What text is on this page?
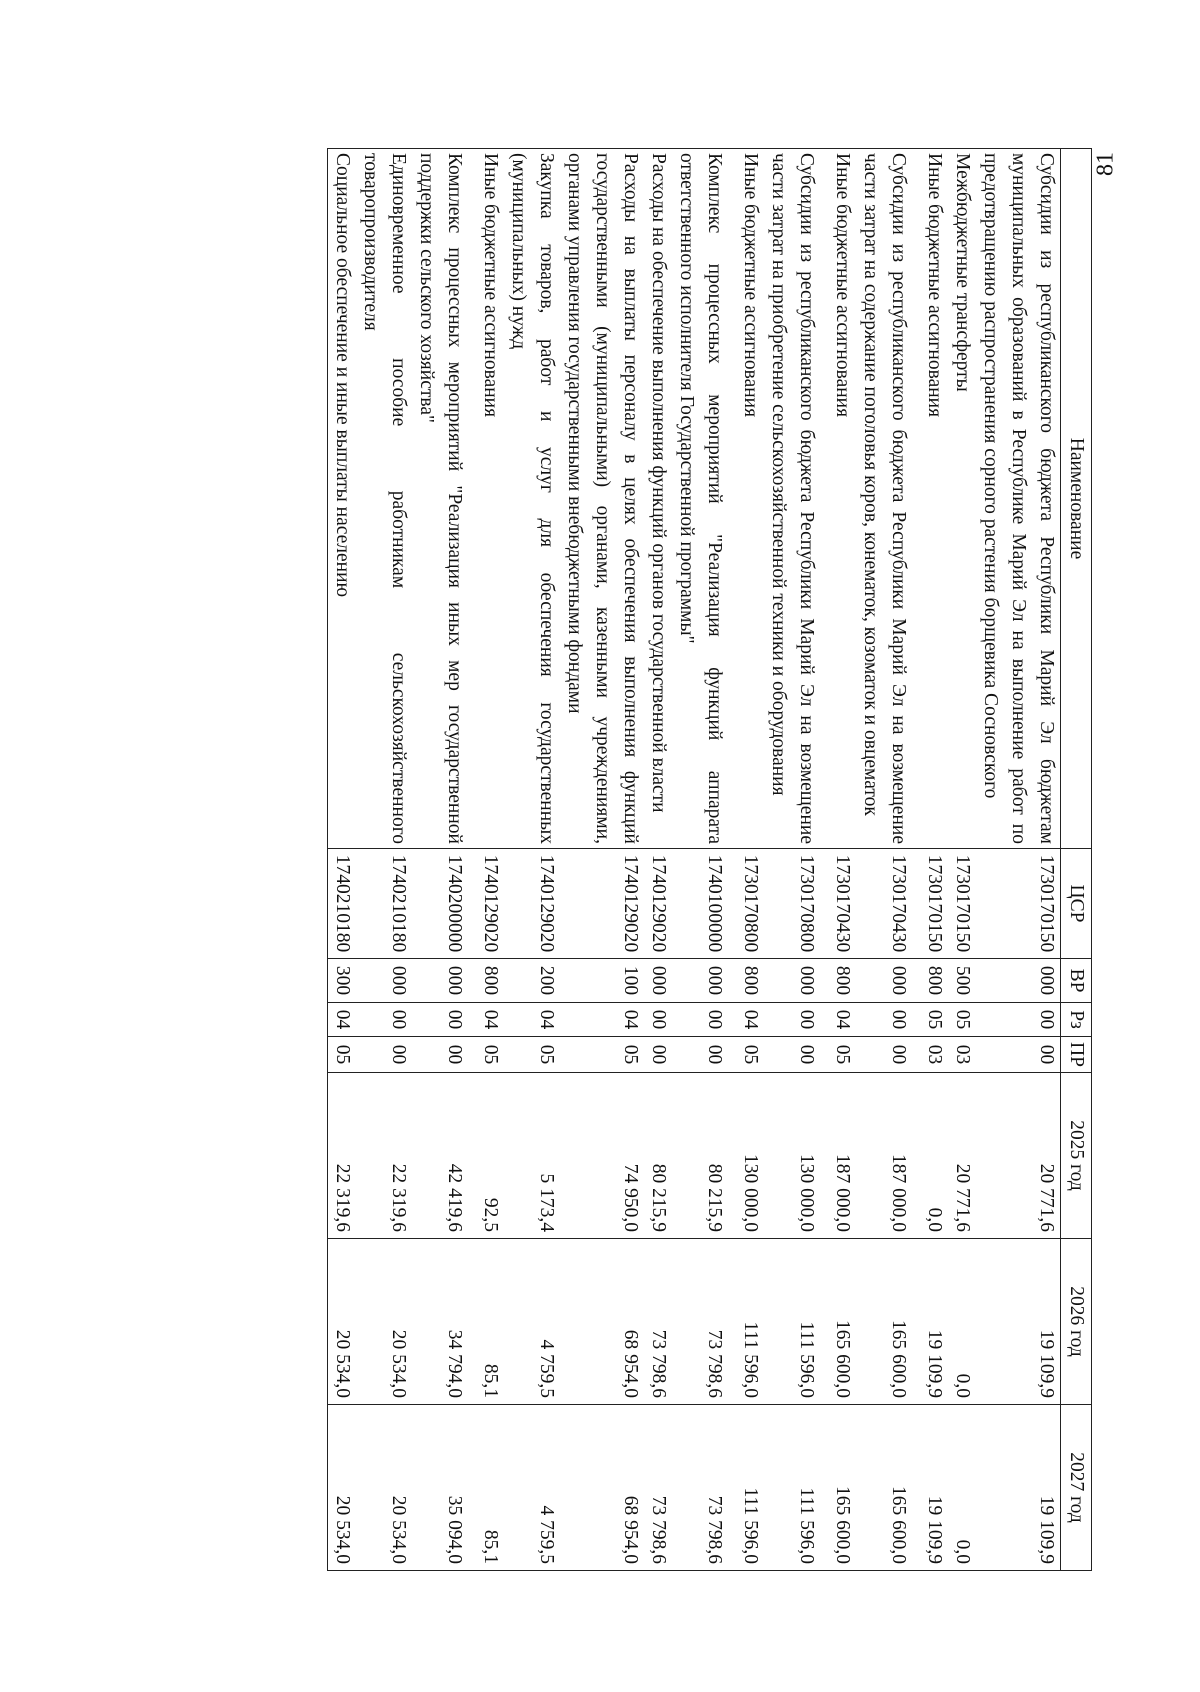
81
Наименование	ЦСР	ВР	Рз	ПР	2025 год	2026 год	2027 год
Субсидии из республиканского бюджета Республики Марий Эл бюджетам муниципальных образований в Республике Марий Эл на выполнение работ по предотвращению распространения сорного растения борщевика Сосновского	1730170150	000	00	00	20 771,6	19 109,9	19 109,9
Межбюджетные трансферты	1730170150	500	05	03	20 771,6	0,0	0,0
Иные бюджетные ассигнования	1730170150	800	05	03	0,0	19 109,9	19 109,9

Субсидии из республиканского бюджета Республики Марий Эл на возмещение части затрат на содержание поголовья коров, конематок, козоматок и овцематок	1730170430	000	00	00	187 000,0	165 600,0	165 600,0
Иные бюджетные ассигнования	1730170430	800	04	05	187 000,0	165 600,0	165 600,0

Субсидии из республиканского бюджета Республики Марий Эл на возмещение части затрат на приобретение сельскохозяйственной техники и оборудования	1730170800	000	00	00	130 000,0	111 596,0	111 596,0
Иные бюджетные ассигнования	1730170800	800	04	05	130 000,0	111 596,0	111 596,0

Комплекс процессных мероприятий "Реализация функций аппарата ответственного исполнителя Государственной программы"	1740100000	000	00	00	80 215,9	73 798,6	73 798,6
Расходы на обеспечение выполнения функций органов государственной власти	1740129020	000	00	00	80 215,9	73 798,6	73 798,6
Расходы на выплаты персоналу в целях обеспечения выполнения функций государственными (муниципальными) органами, казенными учреждениями, органами управления государственными внебюджетными фондами	1740129020	100	04	05	74 950,0	68 954,0	68 954,0
Закупка товаров, работ и услуг для обеспечения государственных (муниципальных) нужд	1740129020	200	04	05	5 173,4	4 759,5	4 759,5
Иные бюджетные ассигнования	1740129020	800	04	05	92,5	85,1	85,1

Комплекс процессных мероприятий "Реализация иных мер государственной поддержки сельского хозяйства"	1740200000	000	00	00	42 419,6	34 794,0	35 094,0
Единовременное пособие работникам сельскохозяйственного товаропроизводителя	1740210180	000	00	00	22 319,6	20 534,0	20 534,0
Социальное обеспечение и иные выплаты населению	1740210180	300	04	05	22 319,6	20 534,0	20 534,0
